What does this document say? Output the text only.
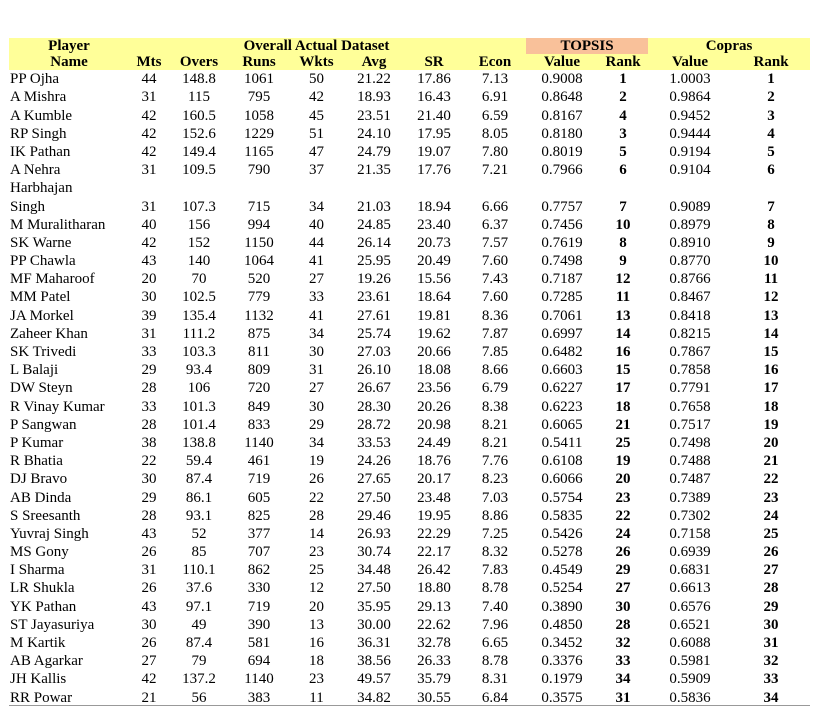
Player			Overall Actual Dataset					TOPSIS		Copras	
Name	Mts	Overs	Runs	Wkts	Avg	SR	Econ	Value	Rank	Value	Rank
PP Ojha	44	148.8	1061	50	21.22	17.86	7.13	0.9008	1	1.0003	1
A Mishra	31	115	795	42	18.93	16.43	6.91	0.8648	2	0.9864	2
A Kumble	42	160.5	1058	45	23.51	21.40	6.59	0.8167	4	0.9452	3
RP Singh	42	152.6	1229	51	24.10	17.95	8.05	0.8180	3	0.9444	4
IK Pathan	42	149.4	1165	47	24.79	19.07	7.80	0.8019	5	0.9194	5
A Nehra	31	109.5	790	37	21.35	17.76	7.21	0.7966	6	0.9104	6
Harbhajan											
Singh	31	107.3	715	34	21.03	18.94	6.66	0.7757	7	0.9089	7
M Muralitharan	40	156	994	40	24.85	23.40	6.37	0.7456	10	0.8979	8
SK Warne	42	152	1150	44	26.14	20.73	7.57	0.7619	8	0.8910	9
PP Chawla	43	140	1064	41	25.95	20.49	7.60	0.7498	9	0.8770	10
MF Maharoof	20	70	520	27	19.26	15.56	7.43	0.7187	12	0.8766	11
MM Patel	30	102.5	779	33	23.61	18.64	7.60	0.7285	11	0.8467	12
JA Morkel	39	135.4	1132	41	27.61	19.81	8.36	0.7061	13	0.8418	13
Zaheer Khan	31	111.2	875	34	25.74	19.62	7.87	0.6997	14	0.8215	14
SK Trivedi	33	103.3	811	30	27.03	20.66	7.85	0.6482	16	0.7867	15
L Balaji	29	93.4	809	31	26.10	18.08	8.66	0.6603	15	0.7858	16
DW Steyn	28	106	720	27	26.67	23.56	6.79	0.6227	17	0.7791	17
R Vinay Kumar	33	101.3	849	30	28.30	20.26	8.38	0.6223	18	0.7658	18
P Sangwan	28	101.4	833	29	28.72	20.98	8.21	0.6065	21	0.7517	19
P Kumar	38	138.8	1140	34	33.53	24.49	8.21	0.5411	25	0.7498	20
R Bhatia	22	59.4	461	19	24.26	18.76	7.76	0.6108	19	0.7488	21
DJ Bravo	30	87.4	719	26	27.65	20.17	8.23	0.6066	20	0.7487	22
AB Dinda	29	86.1	605	22	27.50	23.48	7.03	0.5754	23	0.7389	23
S Sreesanth	28	93.1	825	28	29.46	19.95	8.86	0.5835	22	0.7302	24
Yuvraj Singh	43	52	377	14	26.93	22.29	7.25	0.5426	24	0.7158	25
MS Gony	26	85	707	23	30.74	22.17	8.32	0.5278	26	0.6939	26
I Sharma	31	110.1	862	25	34.48	26.42	7.83	0.4549	29	0.6831	27
LR Shukla	26	37.6	330	12	27.50	18.80	8.78	0.5254	27	0.6613	28
YK Pathan	43	97.1	719	20	35.95	29.13	7.40	0.3890	30	0.6576	29
ST Jayasuriya	30	49	390	13	30.00	22.62	7.96	0.4850	28	0.6521	30
M Kartik	26	87.4	581	16	36.31	32.78	6.65	0.3452	32	0.6088	31
AB Agarkar	27	79	694	18	38.56	26.33	8.78	0.3376	33	0.5981	32
JH Kallis	42	137.2	1140	23	49.57	35.79	8.31	0.1979	34	0.5909	33
RR Powar	21	56	383	11	34.82	30.55	6.84	0.3575	31	0.5836	34
